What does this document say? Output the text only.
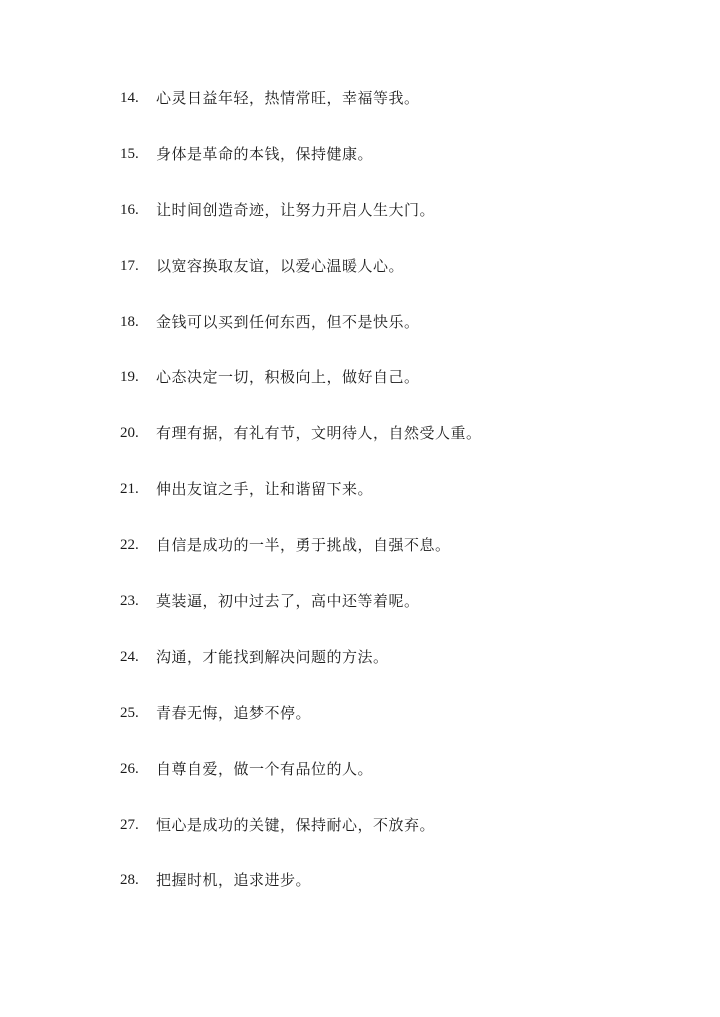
14.	心灵日益年轻，热情常旺，幸福等我。
15.	身体是革命的本钱，保持健康。
16.	让时间创造奇迹，让努力开启人生大门。
17.	以宽容换取友谊，以爱心温暖人心。
18.	金钱可以买到任何东西，但不是快乐。
19.	心态决定一切，积极向上，做好自己。
20.	有理有据，有礼有节，文明待人，自然受人重。
21.	伸出友谊之手，让和谐留下来。
22.	自信是成功的一半，勇于挑战，自强不息。
23.	莫装逼，初中过去了，高中还等着呢。
24.	沟通，才能找到解决问题的方法。
25.	青春无悔，追梦不停。
26.	自尊自爱，做一个有品位的人。
27.	恒心是成功的关键，保持耐心，不放弃。
28.	把握时机，追求进步。
